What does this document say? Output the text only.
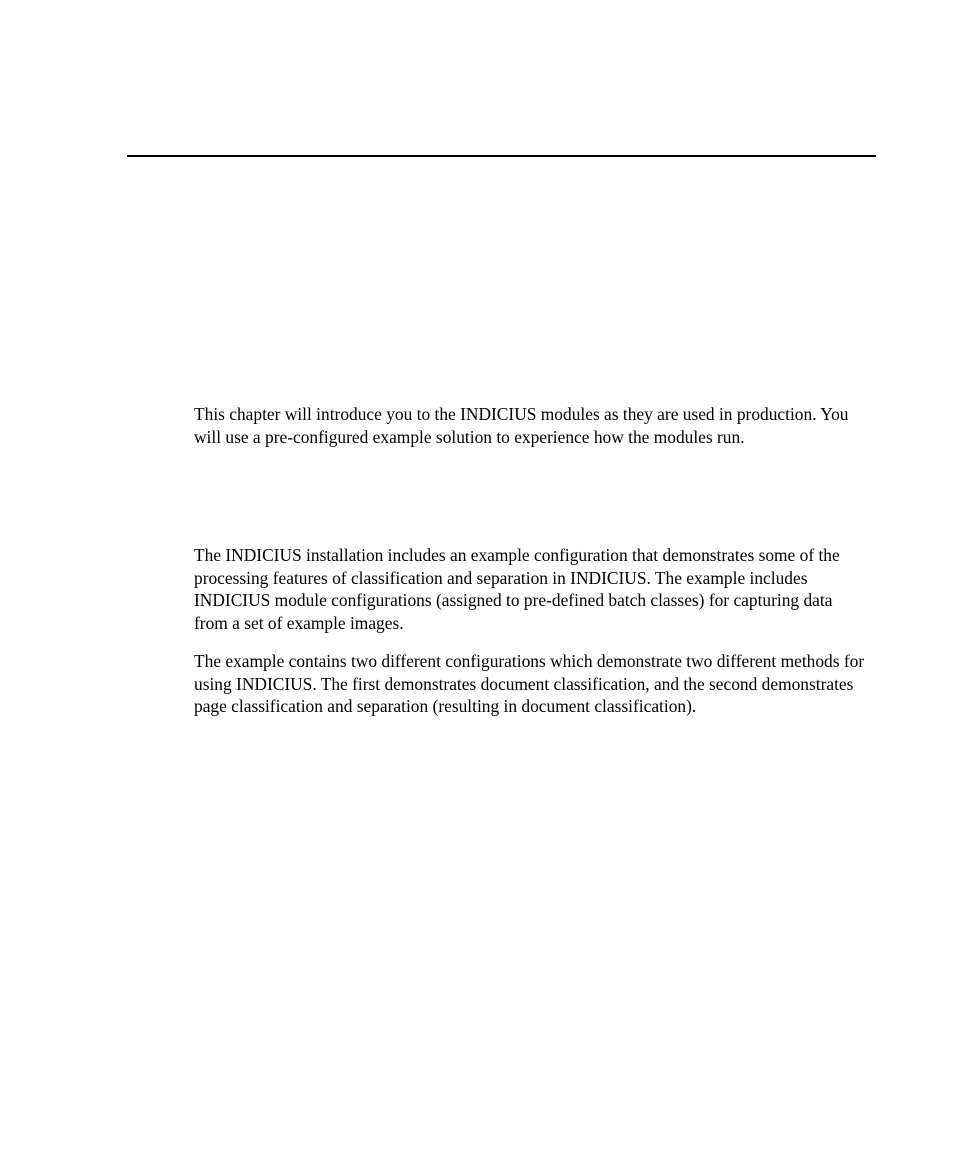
This chapter will introduce you to the INDICIUS modules as they are used in production. You will use a pre-configured example solution to experience how the modules run.

The INDICIUS installation includes an example configuration that demonstrates some of the processing features of classification and separation in INDICIUS. The example includes INDICIUS module configurations (assigned to pre-defined batch classes) for capturing data from a set of example images.

The example contains two different configurations which demonstrate two different methods for using INDICIUS. The first demonstrates document classification, and the second demonstrates page classification and separation (resulting in document classification).
